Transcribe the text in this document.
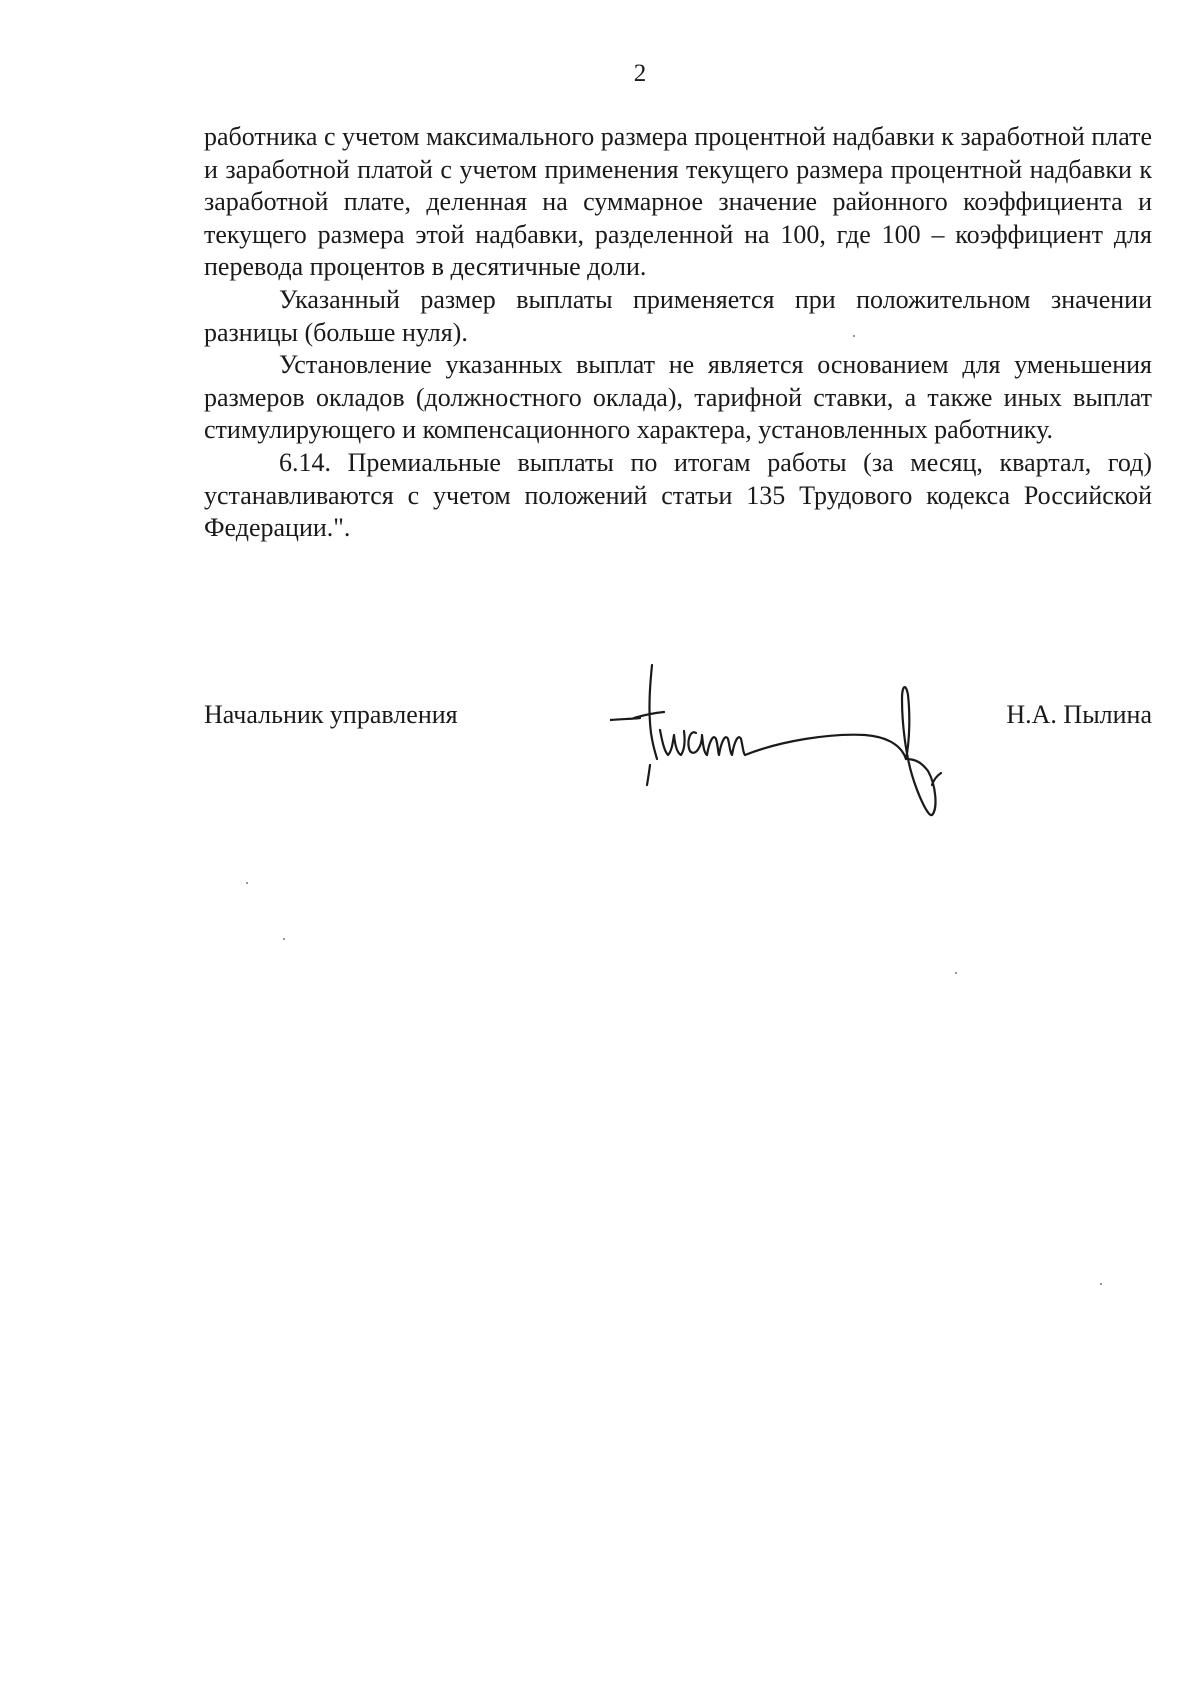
2

работника с учетом максимального размера процентной надбавки к заработной плате и заработной платой с учетом применения текущего размера процентной надбавки к заработной плате, деленная на суммарное значение районного коэффициента и текущего размера этой надбавки, разделенной на 100, где 100 – коэффициент для перевода процентов в десятичные доли.

Указанный размер выплаты применяется при положительном значении разницы (больше нуля).

Установление указанных выплат не является основанием для уменьшения размеров окладов (должностного оклада), тарифной ставки, а также иных выплат стимулирующего и компенсационного характера, установленных работнику.

6.14. Премиальные выплаты по итогам работы (за месяц, квартал, год) устанавливаются с учетом положений статьи 135 Трудового кодекса Российской Федерации.".

Начальник управления	Н.А. Пылина
